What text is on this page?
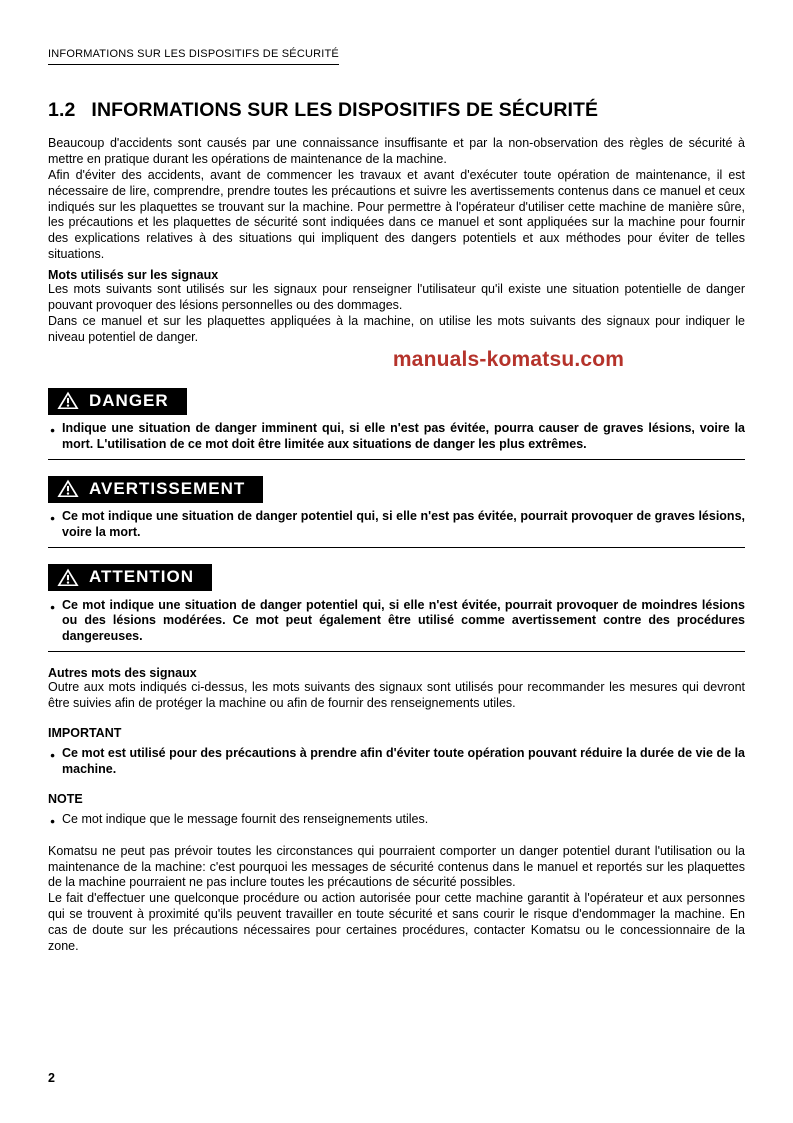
INFORMATIONS SUR LES DISPOSITIFS DE SÉCURITÉ
1.2 INFORMATIONS SUR LES DISPOSITIFS DE SÉCURITÉ

Beaucoup d'accidents sont causés par une connaissance insuffisante et par la non-observation des règles de sécurité à mettre en pratique durant les opérations de maintenance de la machine.

Afin d'éviter des accidents, avant de commencer les travaux et avant d'exécuter toute opération de maintenance, il est nécessaire de lire, comprendre, prendre toutes les précautions et suivre les avertissements contenus dans ce manuel et ceux indiqués sur les plaquettes se trouvant sur la machine. Pour permettre à l'opérateur d'utiliser cette machine de manière sûre, les précautions et les plaquettes de sécurité sont indiquées dans ce manuel et sont appliquées sur la machine pour fournir des explications relatives à des situations qui impliquent des dangers potentiels et aux méthodes pour éviter de telles situations.

Mots utilisés sur les signaux

Les mots suivants sont utilisés sur les signaux pour renseigner l'utilisateur qu'il existe une situation potentielle de danger pouvant provoquer des lésions personnelles ou des dommages.

Dans ce manuel et sur les plaquettes appliquées à la machine, on utilise les mots suivants des signaux pour indiquer le niveau potentiel de danger.

manuals-komatsu.com
DANGER
●

Indique une situation de danger imminent qui, si elle n'est pas évitée, pourra causer de graves lésions, voire la mort. L'utilisation de ce mot doit être limitée aux situations de danger les plus extrêmes.

AVERTISSEMENT
●

Ce mot indique une situation de danger potentiel qui, si elle n'est pas évitée, pourrait provoquer de graves lésions, voire la mort.

ATTENTION
●

Ce mot indique une situation de danger potentiel qui, si elle n'est évitée, pourrait provoquer de moindres lésions ou des lésions modérées. Ce mot peut également être utilisé comme avertissement contre des procédures dangereuses.

Autres mots des signaux

Outre aux mots indiqués ci-dessus, les mots suivants des signaux sont utilisés pour recommander les mesures qui devront être suivies afin de protéger la machine ou afin de fournir des renseignements utiles.

IMPORTANT
●

Ce mot est utilisé pour des précautions à prendre afin d'éviter toute opération pouvant réduire la durée de vie de la machine.

NOTE
●

Ce mot indique que le message fournit des renseignements utiles.

Komatsu ne peut pas prévoir toutes les circonstances qui pourraient comporter un danger potentiel durant l'utilisation ou la maintenance de la machine: c'est pourquoi les messages de sécurité contenus dans le manuel et reportés sur les plaquettes de la machine pourraient ne pas inclure toutes les précautions de sécurité possibles.

Le fait d'effectuer une quelconque procédure ou action autorisée pour cette machine garantit à l'opérateur et aux personnes qui se trouvent à proximité qu'ils peuvent travailler en toute sécurité et sans courir le risque d'endommager la machine. En cas de doute sur les précautions nécessaires pour certaines procédures, contacter Komatsu ou le concessionnaire de la zone.

2
